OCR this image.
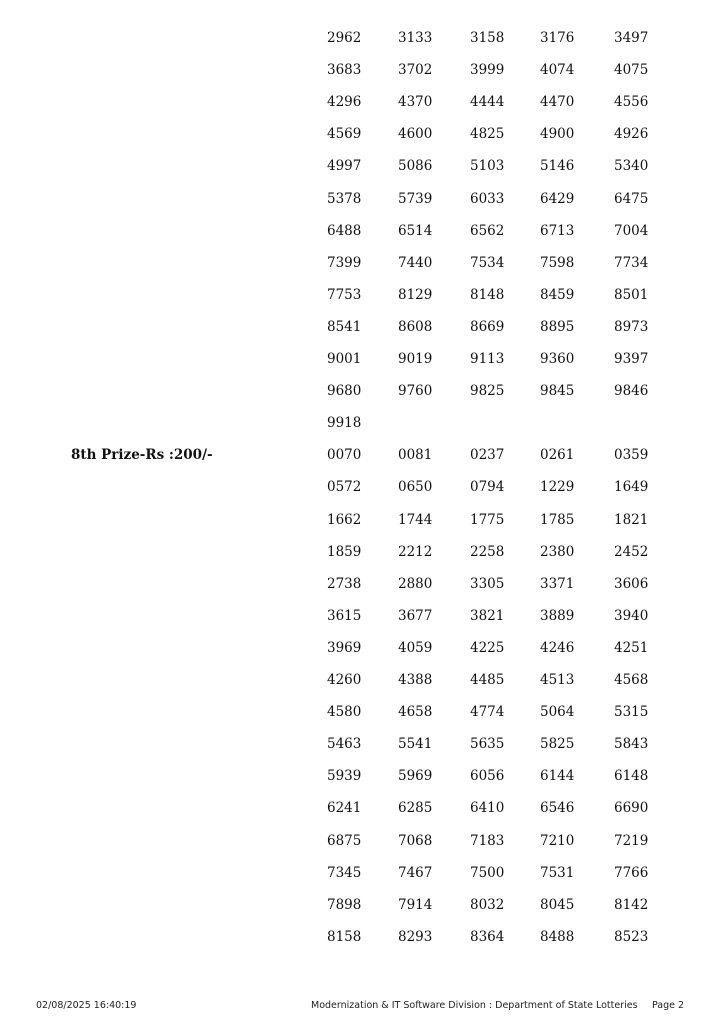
2962	3133	3158	3176	3497
3683	3702	3999	4074	4075
4296	4370	4444	4470	4556
4569	4600	4825	4900	4926
4997	5086	5103	5146	5340
5378	5739	6033	6429	6475
6488	6514	6562	6713	7004
7399	7440	7534	7598	7734
7753	8129	8148	8459	8501
8541	8608	8669	8895	8973
9001	9019	9113	9360	9397
9680	9760	9825	9845	9846
9918
8th Prize-Rs :200/-	0070	0081	0237	0261	0359
0572	0650	0794	1229	1649
1662	1744	1775	1785	1821
1859	2212	2258	2380	2452
2738	2880	3305	3371	3606
3615	3677	3821	3889	3940
3969	4059	4225	4246	4251
4260	4388	4485	4513	4568
4580	4658	4774	5064	5315
5463	5541	5635	5825	5843
5939	5969	6056	6144	6148
6241	6285	6410	6546	6690
6875	7068	7183	7210	7219
7345	7467	7500	7531	7766
7898	7914	8032	8045	8142
8158	8293	8364	8488	8523
02/08/2025 16:40:19	Modernization & IT Software Division : Department of State Lotteries Page 2
